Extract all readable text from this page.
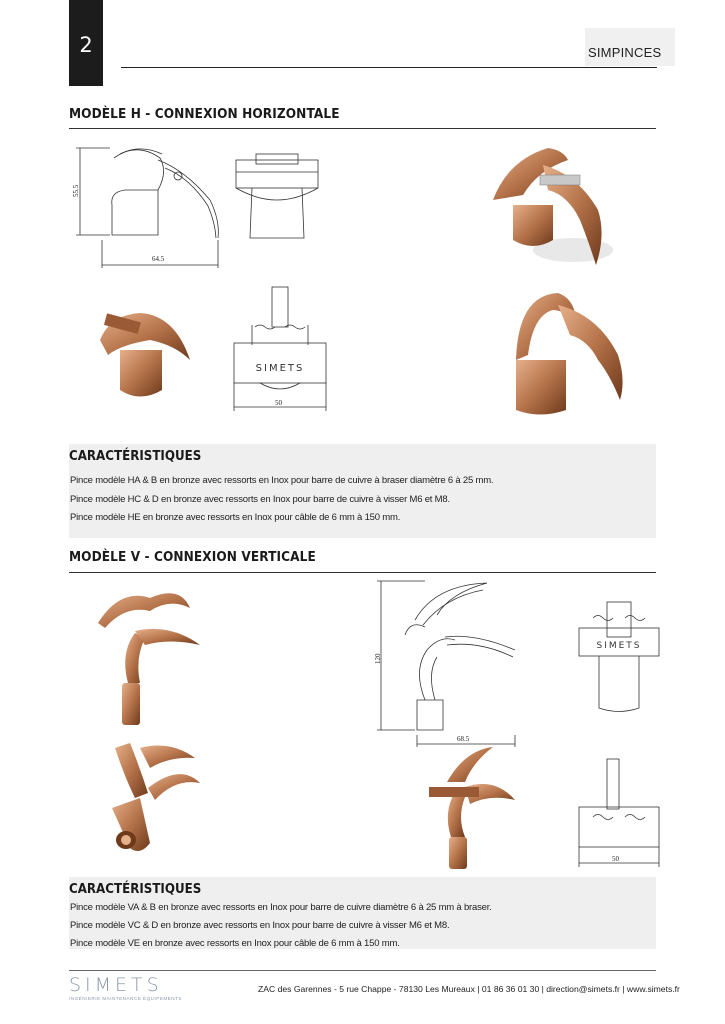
2	SIMPINCES
MODÈLE H - CONNEXION HORIZONTALE
55.5
64.5
SIMETS
50
CARACTÉRISTIQUES
Pince modèle HA & B en bronze avec ressorts en Inox pour barre de cuivre à braser diamètre 6 à 25 mm.
Pince modèle HC & D en bronze avec ressorts en Inox pour barre de cuivre à visser M6 et M8.
Pince modèle HE en bronze avec ressorts en Inox pour câble de 6 mm à 150 mm.
MODÈLE V - CONNEXION VERTICALE
120
68.5
SIMETS
50
CARACTÉRISTIQUES
Pince modèle VA & B en bronze avec ressorts en Inox pour barre de cuivre diamètre 6 à 25 mm à braser.
Pince modèle VC & D en bronze avec ressorts en Inox pour barre de cuivre à visser M6 et M8.
Pince modèle VE en bronze avec ressorts en Inox pour câble de 6 mm à 150 mm.
SIMETS
INGÉNIERIE MAINTENANCE ÉQUIPEMENTS
ZAC des Garennes - 5 rue Chappe - 78130 Les Mureaux | 01 86 36 01 30 | direction@simets.fr | www.simets.fr
